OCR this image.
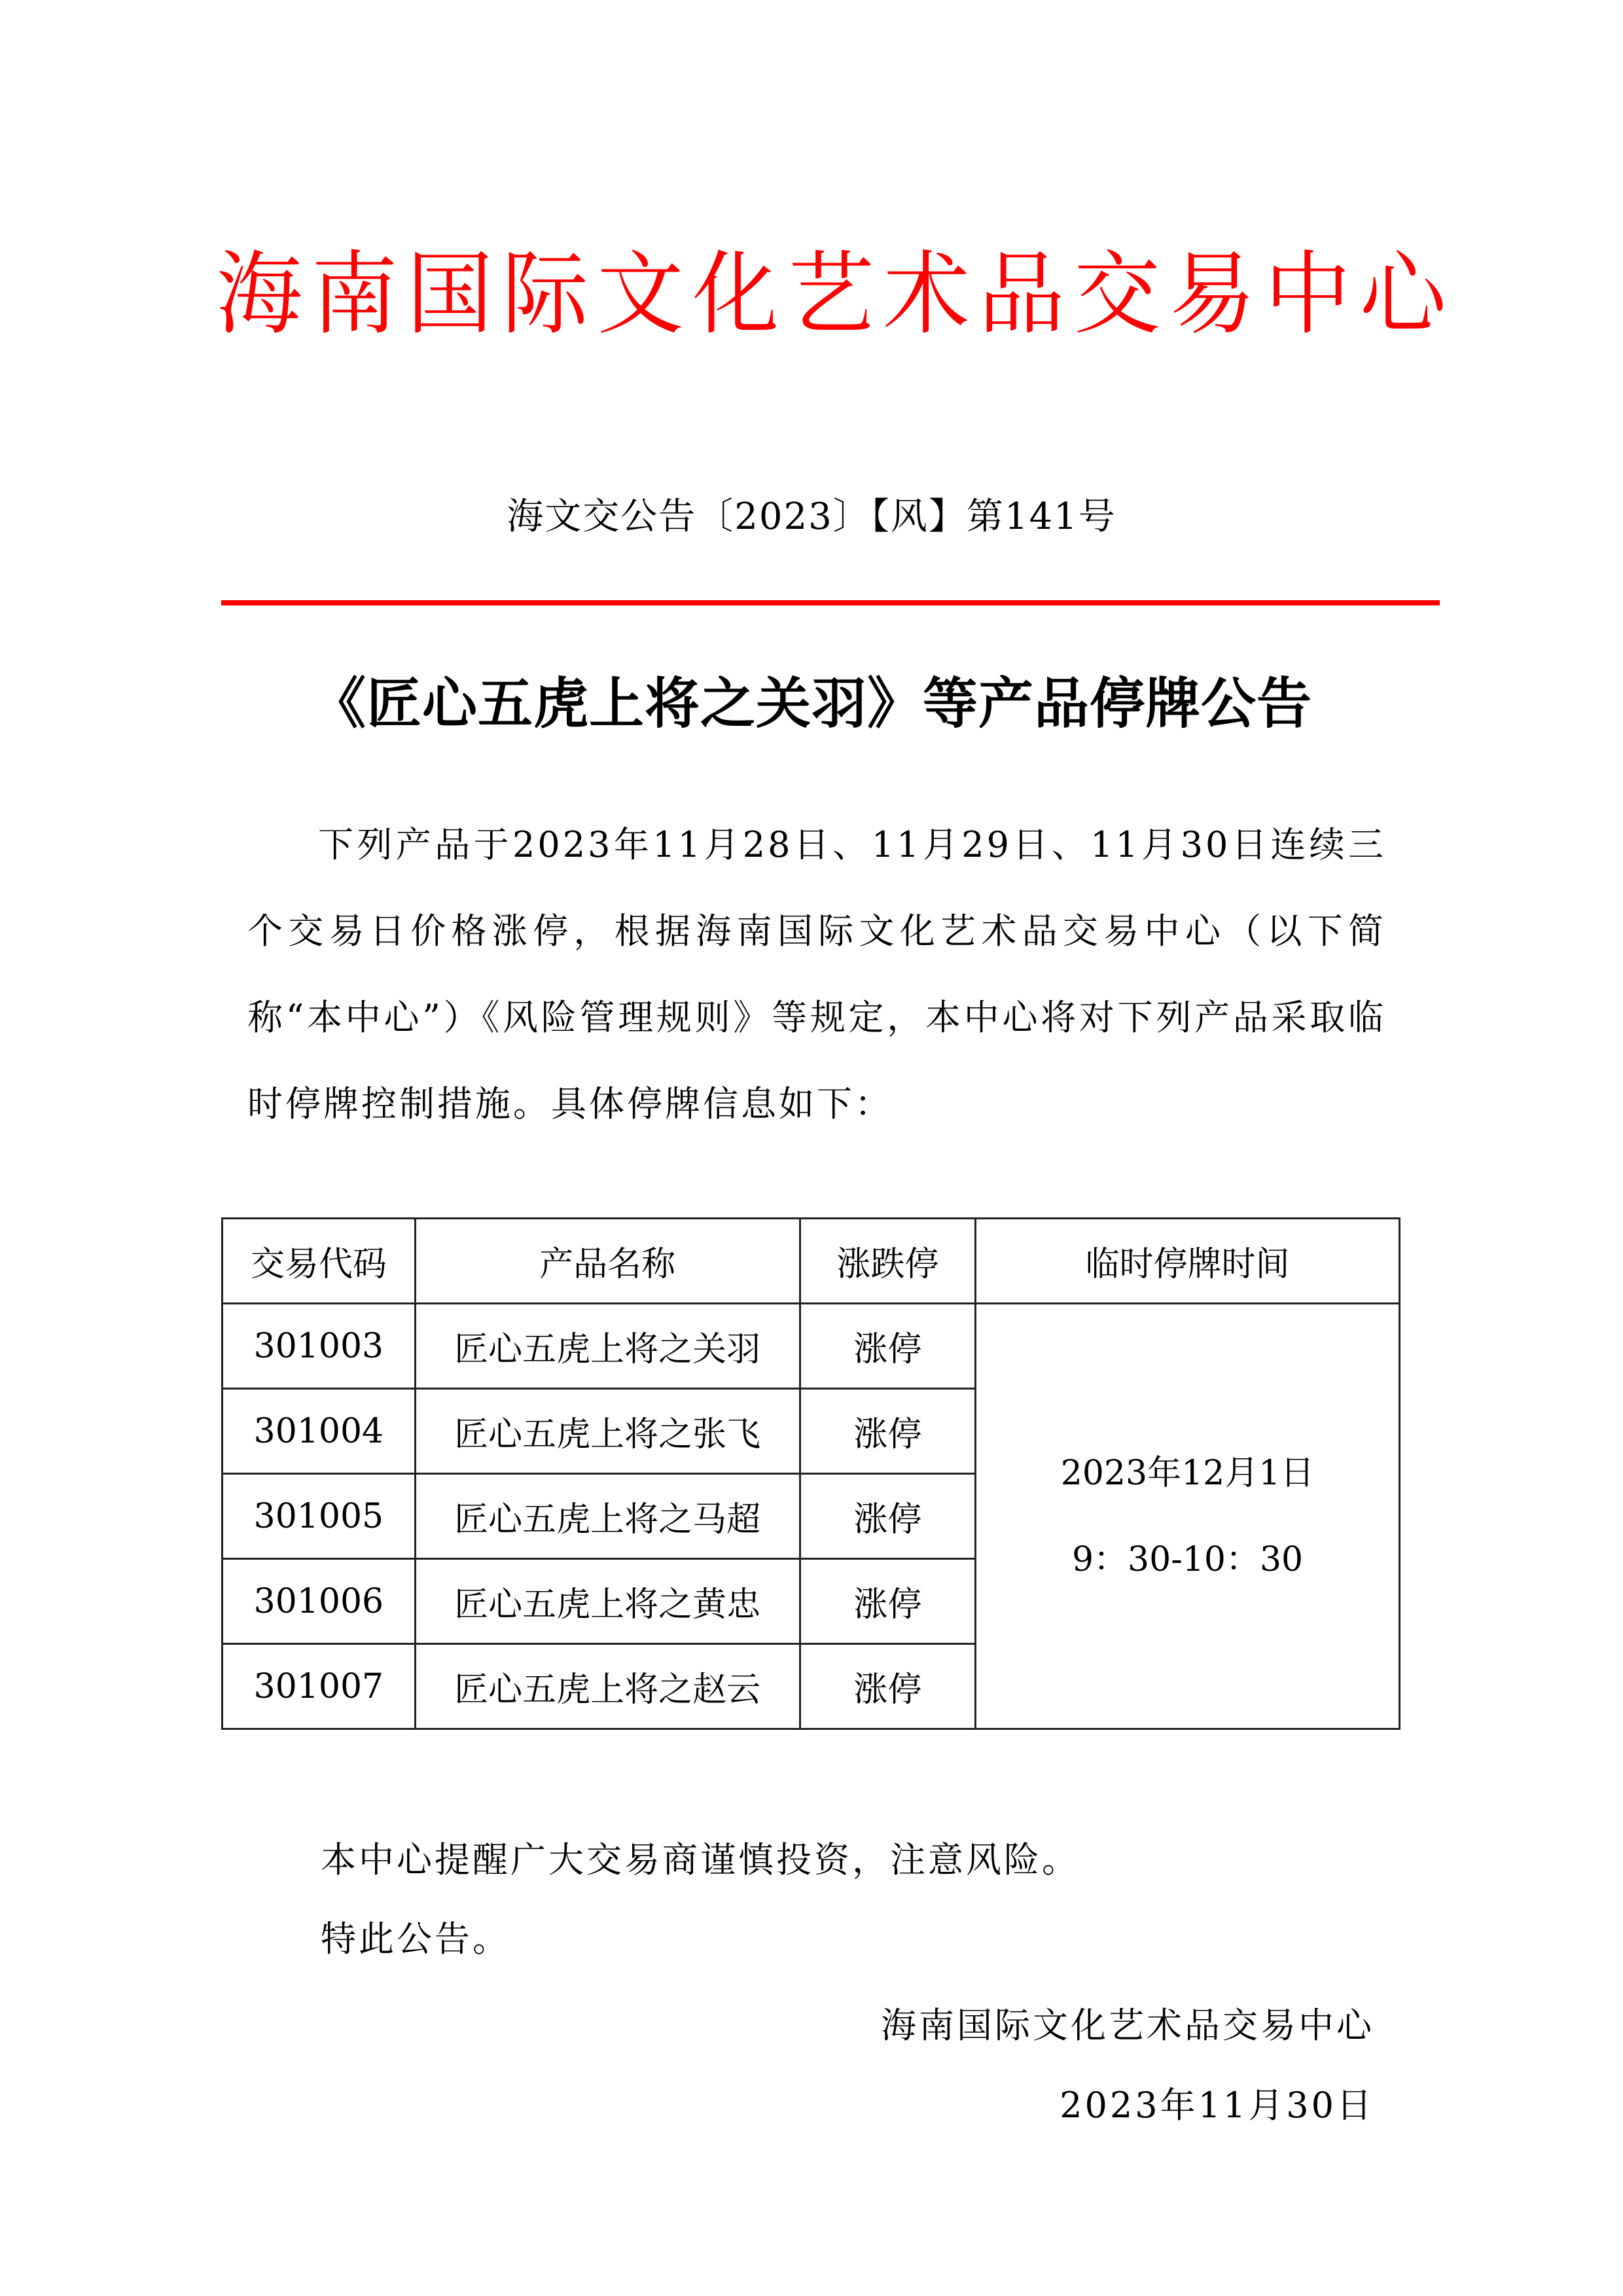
海 南 国 际 文 化 艺 术 品 交 易 中 心
海文交公告〔2023〕【风】第141号
《匠心五虎上将之关羽》等产品停牌公告

下列产品于2023年11月28日、11月29日、11月30日连续三个交易日价格涨停，根据海南国际文化艺术品交易中心（以下简称“本中心”）《风险管理规则》等规定，本中心将对下列产品采取临时停牌控制措施。具体停牌信息如下：

交易代码	产品名称	涨跌停	临时停牌时间
301003	匠心五虎上将之关羽	涨停	2023年12月1日
9：30-10：30

301004	匠心五虎上将之张飞	涨停	
301005	匠心五虎上将之马超	涨停	
301006	匠心五虎上将之黄忠	涨停	
301007	匠心五虎上将之赵云	涨停	
本中心提醒广大交易商谨慎投资，注意风险。
特此公告。
海南国际文化艺术品交易中心
2023年11月30日
